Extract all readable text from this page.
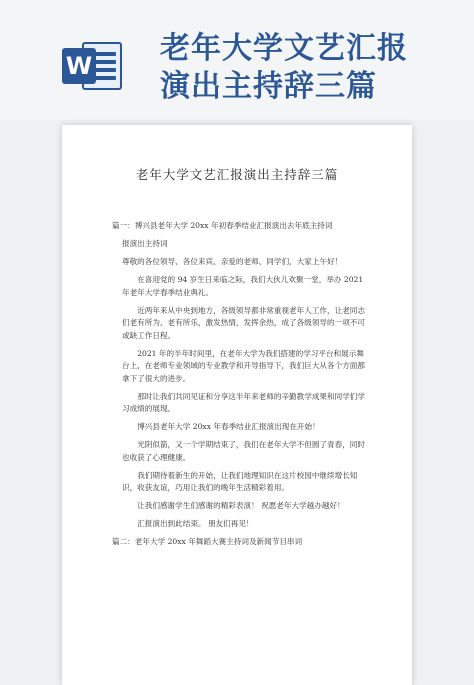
W 老年大学文艺汇报
演出主持辞三篇
老年大学文艺汇报演出主持辞三篇

篇一：博兴县老年大学 20xx 年初春季结业汇报演出去年底主持词

报演出主持词

尊敬的各位领导、各位来宾、亲爱的老师、同学们，大家上午好！

在喜迎党的 94 岁生日来临之际，我们大伙儿欢聚一堂，举办 2021 年老年大学春季结业典礼。

近两年来从中央到地方，各级领导都非常重视老年人工作，让老同志们老有所为、老有所乐，激发热情，发挥余热，成了各级领导的一项不可或缺工作日程。

2021 年的半年时间里，在老年大学为我们搭建的学习平台和展示舞台上，在老师专业领域的专业教学和开导指导下，我们巨大从各个方面都拿下了很大的进步。

那时让我们共同见证和分享这半年来老师的辛勤教学成果和同学们学习成绩的展现。

博兴县老年大学 20xx 年春季结业汇报演出现在开始！

光阴似箭，又一个学期结束了，我们在老年大学不但圆了青春，同时也收获了心理健康。

我们期待着新生的开始，让我们地理知识在这片校园中继续增长知识，收获友谊，巧用让我们的晚年生活精彩着用。

让我们感谢学生们感谢的精彩表演！ 祝愿老年大学越办越好！

汇报演出到此结束。 朋友们再见！

篇二：老年大学 20xx 年舞蹈大赛主持词及新闻节目串词
